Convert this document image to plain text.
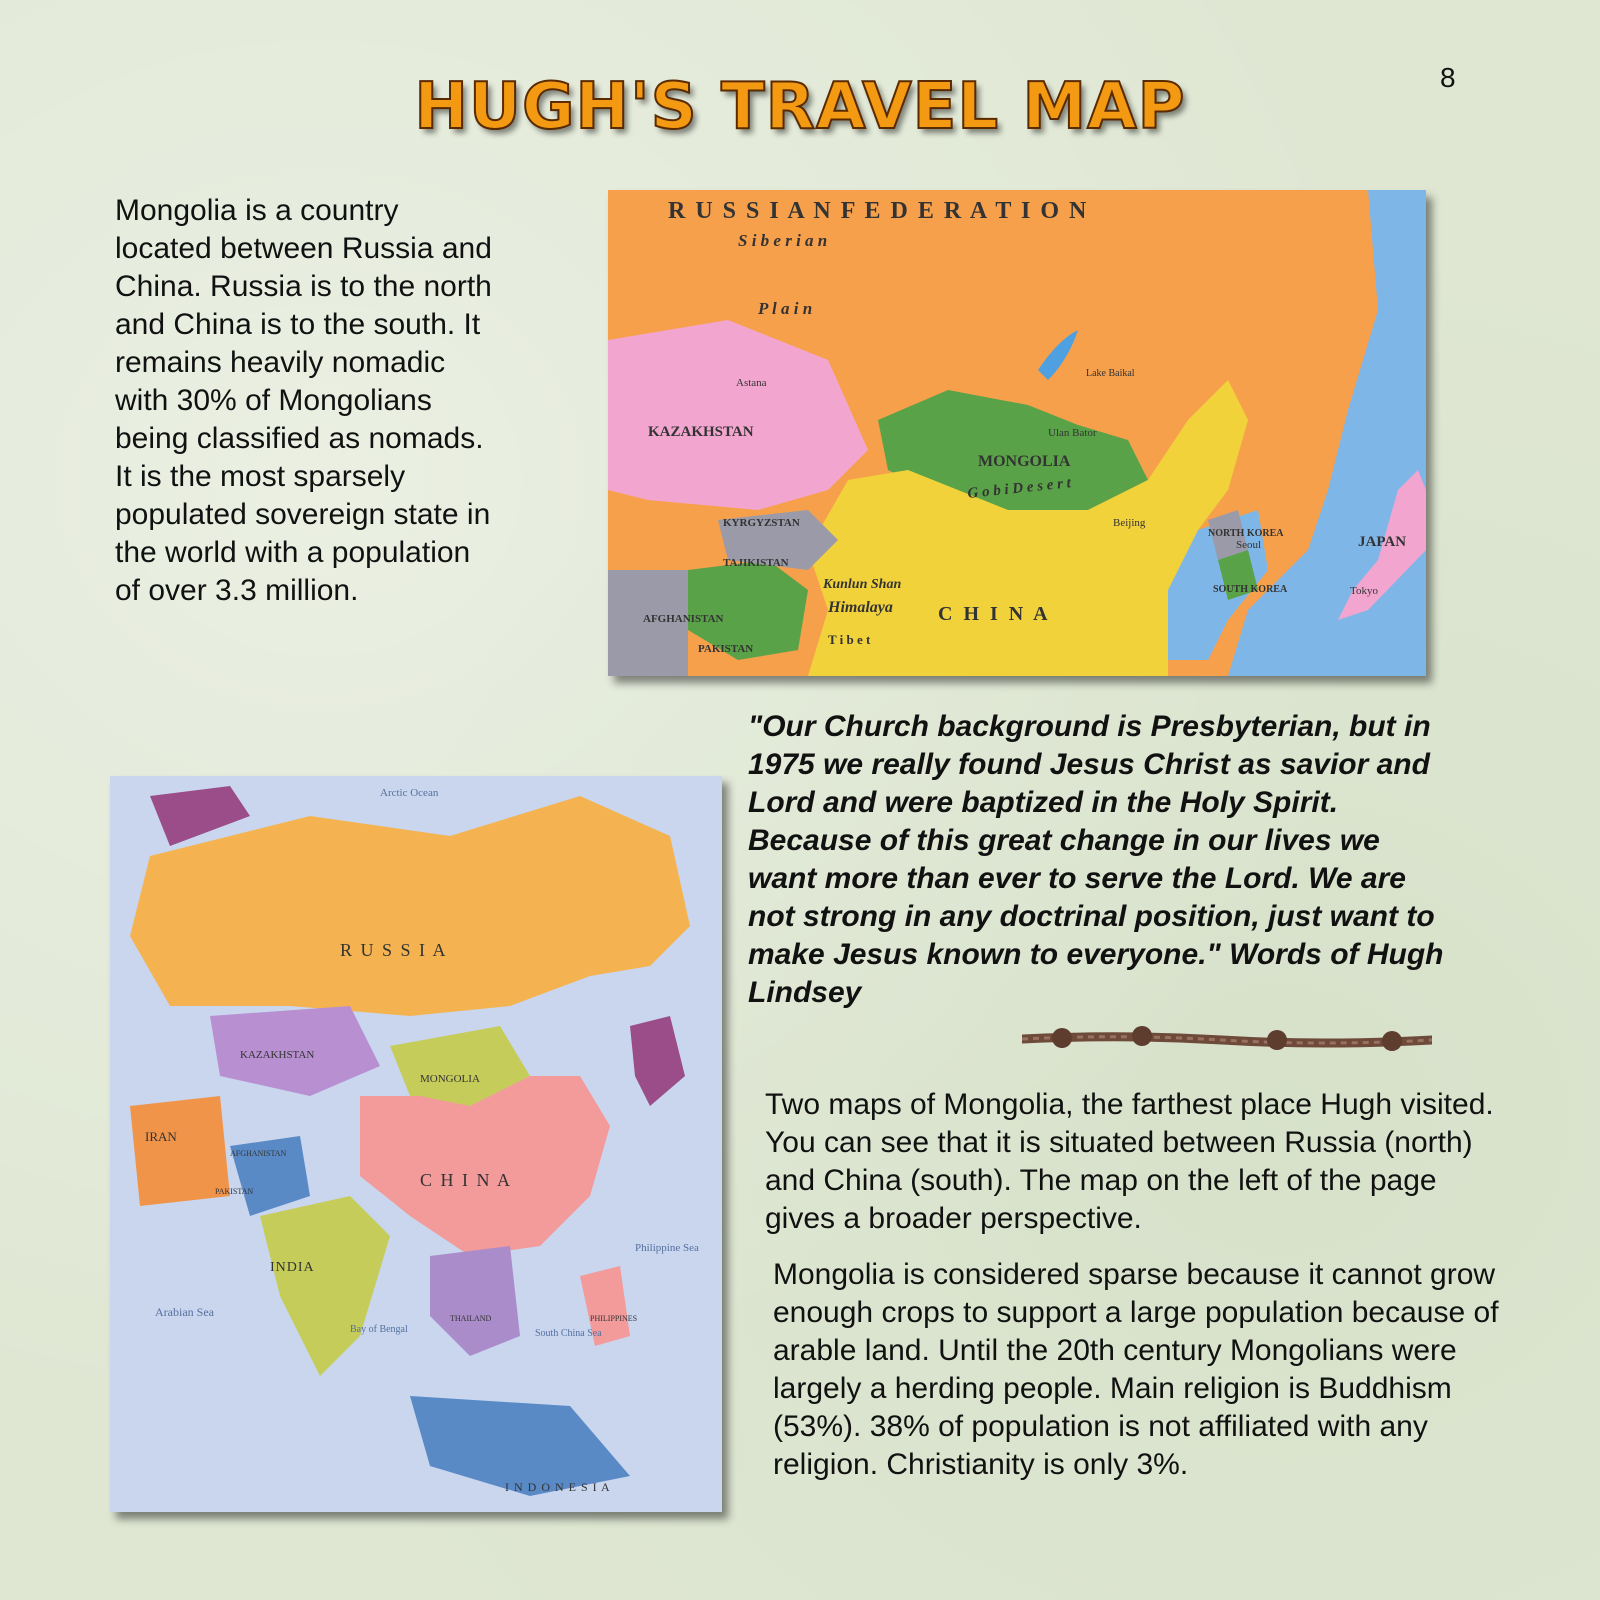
8
HUGH'S TRAVEL MAP
Mongolia is a country located between Russia and China. Russia is to the north and China is to the south. It remains heavily nomadic with 30% of Mongolians being classified as nomads. It is the most sparsely populated sovereign state in the world with a population of over 3.3 million.
R U S S I A N F E D E R A T I O N
S i b e r i a n
P l a i n
KAZAKHSTAN
MONGOLIA
G o b i D e s e r t
C H I N A
Himalaya
Kunlun Shan
T i b e t
JAPAN
NORTH KOREA
SOUTH KOREA
AFGHANISTAN
PAKISTAN
TAJIKISTAN
KYRGYZSTAN
Ulan Bator
Beijing
Lake Baikal
Astana
Tokyo
Seoul
R U S S I A
KAZAKHSTAN
MONGOLIA
C H I N A
INDIA
IRAN
I N D O N E S I A
Arabian Sea
Philippine Sea
Arctic Ocean
AFGHANISTAN
PAKISTAN
THAILAND	PHILIPPINES
Bay of Bengal	South China Sea
"Our Church background is Presbyterian, but in 1975 we really found Jesus Christ as savior and Lord and were baptized in the Holy Spirit. Because of this great change in our lives we want more than ever to serve the Lord. We are not strong in any doctrinal position, just want to make Jesus known to everyone." Words of Hugh Lindsey
Two maps of Mongolia, the farthest place Hugh visited. You can see that it is situated between Russia (north) and China (south). The map on the left of the page gives a broader perspective.
Mongolia is considered sparse because it cannot grow enough crops to support a large population because of arable land. Until the 20th century Mongolians were largely a herding people. Main religion is Buddhism (53%). 38% of population is not affiliated with any religion. Christianity is only 3%.
